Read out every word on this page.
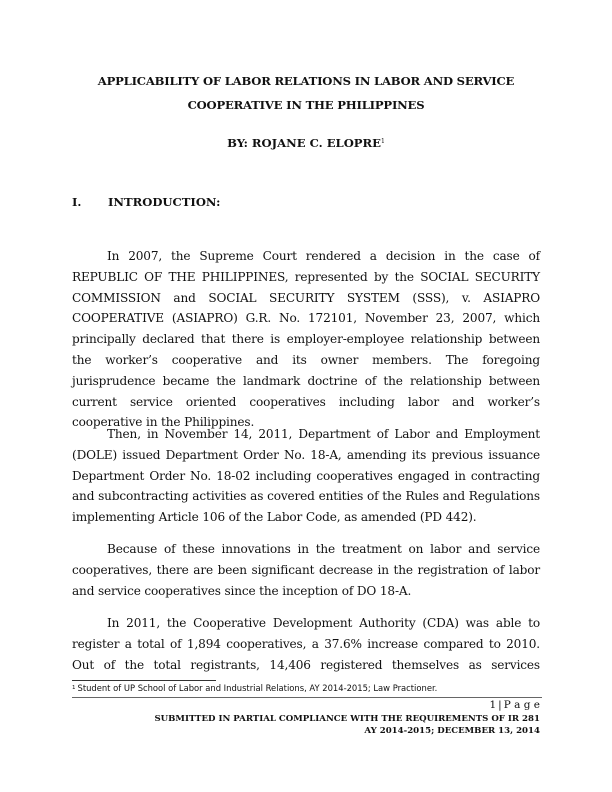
APPLICABILITY OF LABOR RELATIONS IN LABOR AND SERVICE
COOPERATIVE IN THE PHILIPPINES
BY: ROJANE C. ELOPRE$^1$
I. INTRODUCTION:

In 2007, the Supreme Court rendered a decision in the case of REPUBLIC OF THE PHILIPPINES, represented by the SOCIAL SECURITY COMMISSION and SOCIAL SECURITY SYSTEM (SSS), v. ASIAPRO COOPERATIVE (ASIAPRO) G.R. No. 172101, November 23, 2007, which principally declared that there is employer-employee relationship between the worker’s cooperative and its owner members. The foregoing jurisprudence became the landmark doctrine of the relationship between current service oriented cooperatives including labor and worker’s cooperative in the Philippines.

Then, in November 14, 2011, Department of Labor and Employment (DOLE) issued Department Order No. 18-A, amending its previous issuance Department Order No. 18-02 including cooperatives engaged in contracting and subcontracting activities as covered entities of the Rules and Regulations implementing Article 106 of the Labor Code, as amended (PD 442).

Because of these innovations in the treatment on labor and service cooperatives, there are been significant decrease in the registration of labor and service cooperatives since the inception of DO 18-A.

In 2011, the Cooperative Development Authority (CDA) was able to register a total of 1,894 cooperatives, a 37.6% increase compared to 2010. Out of the total registrants, 14,406 registered themselves as services

$^1$ Student of UP School of Labor and Industrial Relations, AY 2014-2015; Law Practioner.
1 | P a g e
SUBMITTED IN PARTIAL COMPLIANCE WITH THE REQUIREMENTS OF IR 281
AY 2014-2015; DECEMBER 13, 2014
